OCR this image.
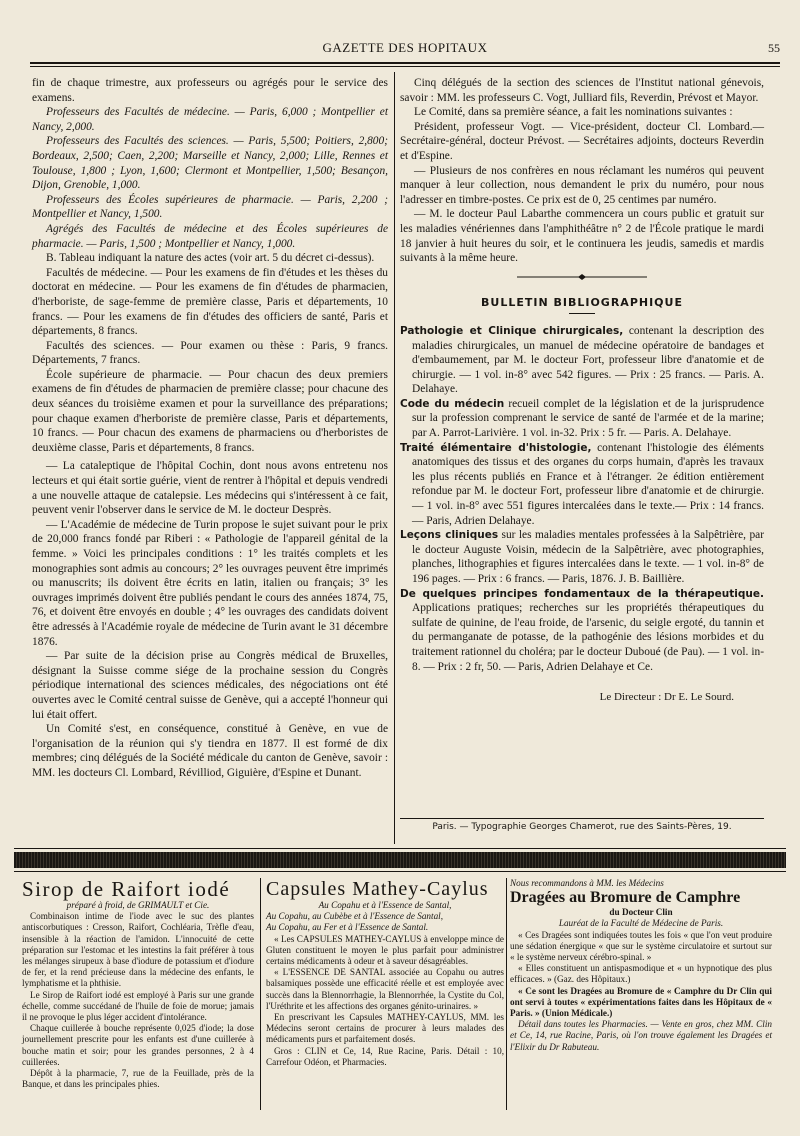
GAZETTE DES HOPITAUX	55

fin de chaque trimestre, aux professeurs ou agrégés pour le service des examens.

Professeurs des Facultés de médecine. — Paris, 6,000 ; Montpellier et Nancy, 2,000.

Professeurs des Facultés des sciences. — Paris, 5,500; Poitiers, 2,800; Bordeaux, 2,500; Caen, 2,200; Marseille et Nancy, 2,000; Lille, Rennes et Toulouse, 1,800 ; Lyon, 1,600; Clermont et Montpellier, 1,500; Besançon, Dijon, Grenoble, 1,000.

Professeurs des Écoles supérieures de pharmacie. — Paris, 2,200 ; Montpellier et Nancy, 1,500.

Agrégés des Facultés de médecine et des Écoles supérieures de pharmacie. — Paris, 1,500 ; Montpellier et Nancy, 1,000.

B. Tableau indiquant la nature des actes (voir art. 5 du décret ci-dessus).

Facultés de médecine. — Pour les examens de fin d'études et les thèses du doctorat en médecine. — Pour les examens de fin d'études de pharmacien, d'herboriste, de sage-femme de première classe, Paris et départements, 10 francs. — Pour les examens de fin d'études des officiers de santé, Paris et départements, 8 francs.

Facultés des sciences. — Pour examen ou thèse : Paris, 9 francs. Départements, 7 francs.

École supérieure de pharmacie. — Pour chacun des deux premiers examens de fin d'études de pharmacien de première classe; pour chacune des deux séances du troisième examen et pour la surveillance des préparations; pour chaque examen d'herboriste de première classe, Paris et départements, 10 francs. — Pour chacun des examens de pharmaciens ou d'herboristes de deuxième classe, Paris et départements, 8 francs.

— La cataleptique de l'hôpital Cochin, dont nous avons entretenu nos lecteurs et qui était sortie guérie, vient de rentrer à l'hôpital et depuis vendredi a une nouvelle attaque de catalepsie. Les médecins qui s'intéressent à ce fait, peuvent venir l'observer dans le service de M. le docteur Desprès.

— L'Académie de médecine de Turin propose le sujet suivant pour le prix de 20,000 francs fondé par Riberi : « Pathologie de l'appareil génital de la femme. » Voici les principales conditions : 1° les traités complets et les monographies sont admis au concours; 2° les ouvrages peuvent être imprimés ou manuscrits; ils doivent être écrits en latin, italien ou français; 3° les ouvrages imprimés doivent être publiés pendant le cours des années 1874, 75, 76, et doivent être envoyés en double ; 4° les ouvrages des candidats doivent être adressés à l'Académie royale de médecine de Turin avant le 31 décembre 1876.

— Par suite de la décision prise au Congrès médical de Bruxelles, désignant la Suisse comme siége de la prochaine session du Congrès périodique international des sciences médicales, des négociations ont été ouvertes avec le Comité central suisse de Genève, qui a accepté l'honneur qui lui était offert.

Un Comité s'est, en conséquence, constitué à Genève, en vue de l'organisation de la réunion qui s'y tiendra en 1877. Il est formé de dix membres; cinq délégués de la Société médicale du canton de Genève, savoir : MM. les docteurs Cl. Lombard, Révilliod, Giguière, d'Espine et Dunant.

Cinq délégués de la section des sciences de l'Institut national génevois, savoir : MM. les professeurs C. Vogt, Julliard fils, Reverdin, Prévost et Mayor.

Le Comité, dans sa première séance, a fait les nominations suivantes :

Président, professeur Vogt. — Vice-président, docteur Cl. Lombard.— Secrétaire-général, docteur Prévost. — Secrétaires adjoints, docteurs Reverdin et d'Espine.

— Plusieurs de nos confrères en nous réclamant les numéros qui peuvent manquer à leur collection, nous demandent le prix du numéro, pour nous l'adresser en timbre-postes. Ce prix est de 0, 25 centimes par numéro.

— M. le docteur Paul Labarthe commencera un cours public et gratuit sur les maladies vénériennes dans l'amphithéâtre n° 2 de l'École pratique le mardi 18 janvier à huit heures du soir, et le continuera les jeudis, samedis et mardis suivants à la même heure.

BULLETIN BIBLIOGRAPHIQUE

Pathologie et Clinique chirurgicales, contenant la description des maladies chirurgicales, un manuel de médecine opératoire de bandages et d'embaumement, par M. le docteur Fort, professeur libre d'anatomie et de chirurgie. — 1 vol. in-8° avec 542 figures. — Prix : 25 francs. — Paris. A. Delahaye.

Code du médecin recueil complet de la législation et de la jurisprudence sur la profession comprenant le service de santé de l'armée et de la marine; par A. Parrot-Larivière. 1 vol. in-32. Prix : 5 fr. — Paris. A. Delahaye.

Traité élémentaire d'histologie, contenant l'histologie des éléments anatomiques des tissus et des organes du corps humain, d'après les travaux les plus récents publiés en France et à l'étranger. 2e édition entièrement refondue par M. le docteur Fort, professeur libre d'anatomie et de chirurgie. — 1 vol. in-8° avec 551 figures intercalées dans le texte.— Prix : 14 francs. — Paris, Adrien Delahaye.

Leçons cliniques sur les maladies mentales professées à la Salpêtrière, par le docteur Auguste Voisin, médecin de la Salpêtrière, avec photographies, planches, lithographies et figures intercalées dans le texte. — 1 vol. in-8° de 196 pages. — Prix : 6 francs. — Paris, 1876. J. B. Baillière.

De quelques principes fondamentaux de la thérapeutique. Applications pratiques; recherches sur les propriétés thérapeutiques du sulfate de quinine, de l'eau froide, de l'arsenic, du seigle ergoté, du tannin et du permanganate de potasse, de la pathogénie des lésions morbides et du traitement rationnel du choléra; par le docteur Duboué (de Pau). — 1 vol. in-8. — Prix : 2 fr, 50. — Paris, Adrien Delahaye et Ce.

Le Directeur : Dr E. Le Sourd.
Paris. — Typographie Georges Chamerot, rue des Saints-Pères, 19.
Sirop de Raifort iodé
préparé à froid, de GRIMAULT et Cie.

Combinaison intime de l'iode avec le suc des plantes antiscorbutiques : Cresson, Raifort, Cochléaria, Trèfle d'eau, insensible à la réaction de l'amidon. L'innocuité de cette préparation sur l'estomac et les intestins la fait préférer à tous les mélanges sirupeux à base d'iodure de potassium et d'iodure de fer, et la rend précieuse dans la médecine des enfants, le lymphatisme et la phthisie.

Le Sirop de Raifort iodé est employé à Paris sur une grande échelle, comme succédané de l'huile de foie de morue; jamais il ne provoque le plus léger accident d'intolérance.

Chaque cuillerée à bouche représente 0,025 d'iode; la dose journellement prescrite pour les enfants est d'une cuillerée à bouche matin et soir; pour les grandes personnes, 2 à 4 cuillerées.

Dépôt à la pharmacie, 7, rue de la Feuillade, près de la Banque, et dans les principales phies.

Capsules Mathey-Caylus
Au Copahu et à l'Essence de Santal,
Au Copahu, au Cubèbe et à l'Essence de Santal,
Au Copahu, au Fer et à l'Essence de Santal.

« Les CAPSULES MATHEY-CAYLUS à enveloppe mince de Gluten constituent le moyen le plus parfait pour administrer certains médicaments à odeur et à saveur désagréables.

« L'ESSENCE DE SANTAL associée au Copahu ou autres balsamiques possède une efficacité réelle et est employée avec succès dans la Blennorrhagie, la Blennorrhée, la Cystite du Col, l'Uréthrite et les affections des organes génito-urinaires. »

En prescrivant les Capsules MATHEY-CAYLUS, MM. les Médecins seront certains de procurer à leurs malades des médicaments purs et parfaitement dosés.

Gros : CLIN et Ce, 14, Rue Racine, Paris. Détail : 10, Carrefour Odéon, et Pharmacies.

Nous recommandons à MM. les Médecins
Dragées au Bromure de Camphre
du Docteur Clin
Lauréat de la Faculté de Médecine de Paris.

« Ces Dragées sont indiquées toutes les fois « que l'on veut produire une sédation énergique « que sur le système circulatoire et surtout sur « le système nerveux cérébro-spinal. »

« Elles constituent un antispasmodique et « un hypnotique des plus efficaces. » (Gaz. des Hôpitaux.)

« Ce sont les Dragées au Bromure de « Camphre du Dr Clin qui ont servi à toutes « expérimentations faites dans les Hôpitaux de « Paris. » (Union Médicale.)

Détail dans toutes les Pharmacies. — Vente en gros, chez MM. Clin et Ce, 14, rue Racine, Paris, où l'on trouve également les Dragées et l'Elixir du Dr Rabuteau.
